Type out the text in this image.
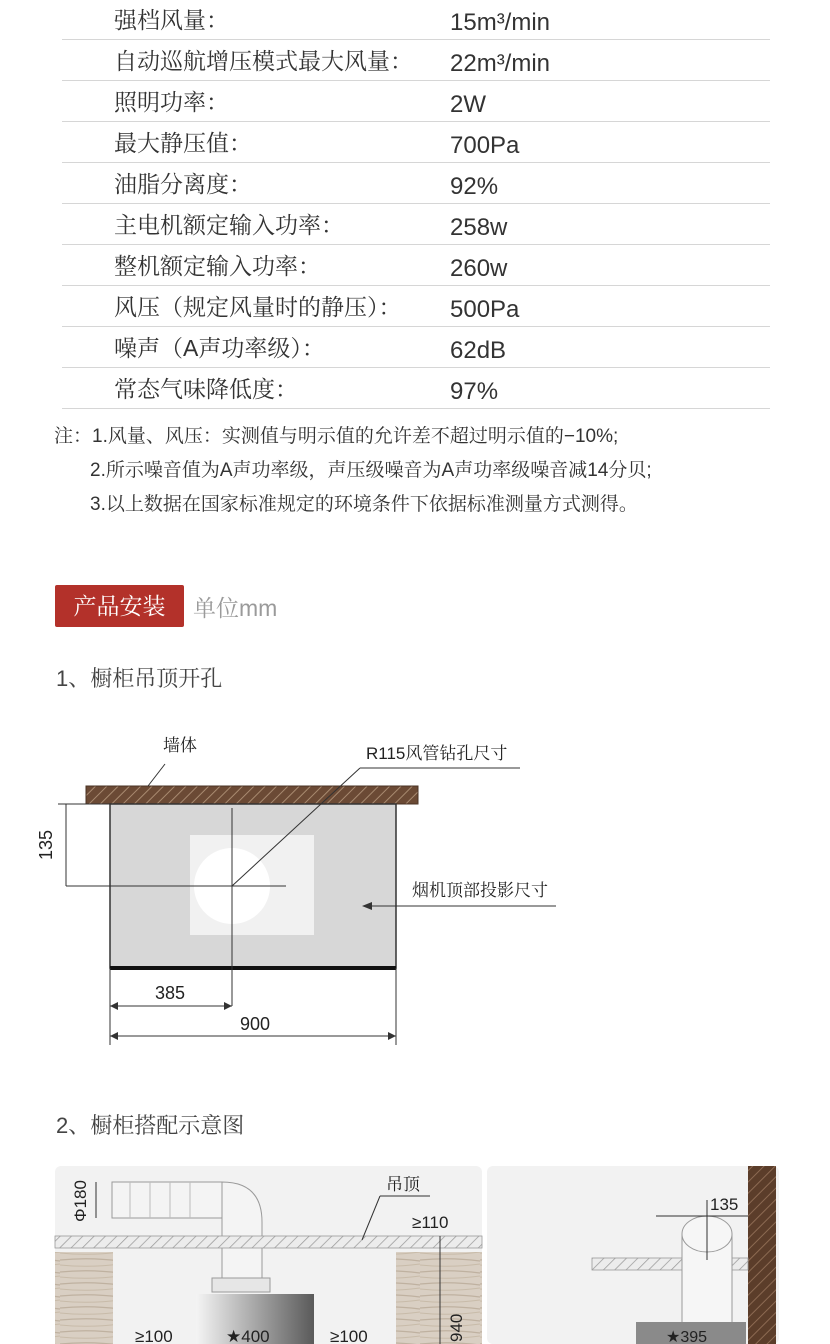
强档风量：	15m³/min
自动巡航增压模式最大风量： 22m³/min
照明功率：	2W
最大静压值：	700Pa
油脂分离度：	92%
主电机额定输入功率：	258w
整机额定输入功率：	260w
风压（规定风量时的静压）： 500Pa
噪声（A声功率级）：	62dB
常态气味降低度：	97%
注：1.风量、风压：实测值与明示值的允许差不超过明示值的−10%;
2.所示噪音值为A声功率级，声压级噪音为A声功率级噪音减14分贝;
3.以上数据在国家标准规定的环境条件下依据标准测量方式测得。
产品安装	单位mm
1、橱柜吊顶开孔
墙体	R115风管钻孔尺寸
烟机顶部投影尺寸
135
385
900
2、橱柜搭配示意图
Φ180	吊顶
≥110
940
≥100	★400	≥100
135
★395
